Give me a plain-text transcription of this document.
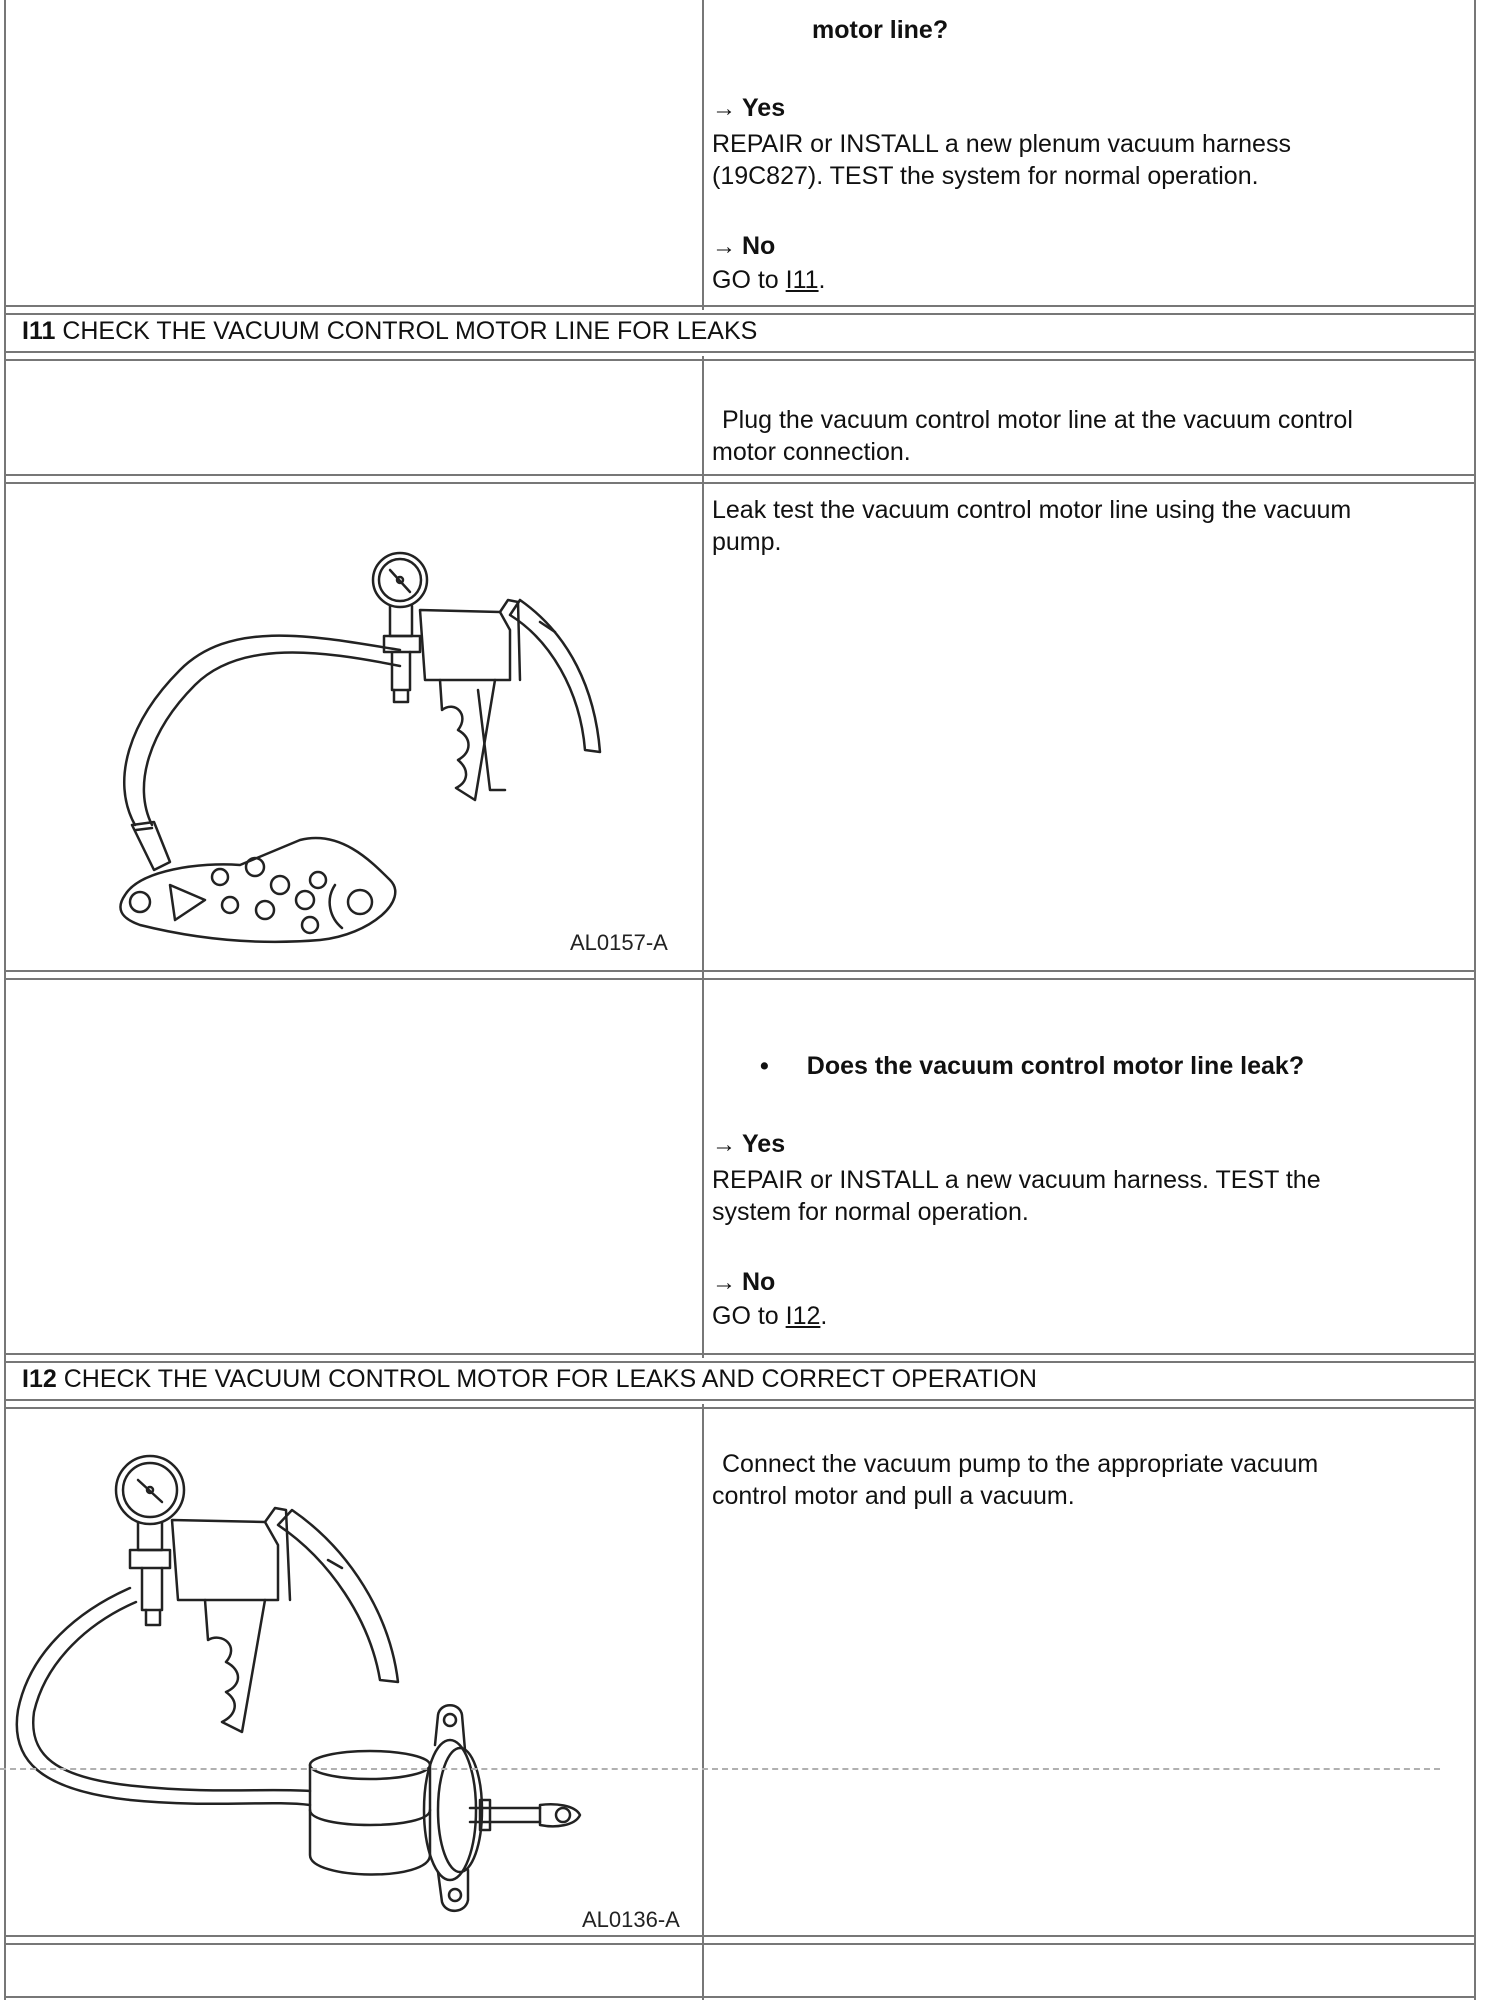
motor line?
→ Yes
REPAIR or INSTALL a new plenum vacuum harness
(19C827). TEST the system for normal operation.
→ No
GO to I11.
I11 CHECK THE VACUUM CONTROL MOTOR LINE FOR LEAKS
Plug the vacuum control motor line at the vacuum control
motor connection.
Leak test the vacuum control motor line using the vacuum
pump.
AL0157-A
• Does the vacuum control motor line leak?
→ Yes
REPAIR or INSTALL a new vacuum harness. TEST the
system for normal operation.
→ No
GO to I12.
I12 CHECK THE VACUUM CONTROL MOTOR FOR LEAKS AND CORRECT OPERATION
Connect the vacuum pump to the appropriate vacuum
control motor and pull a vacuum.
AL0136-A
